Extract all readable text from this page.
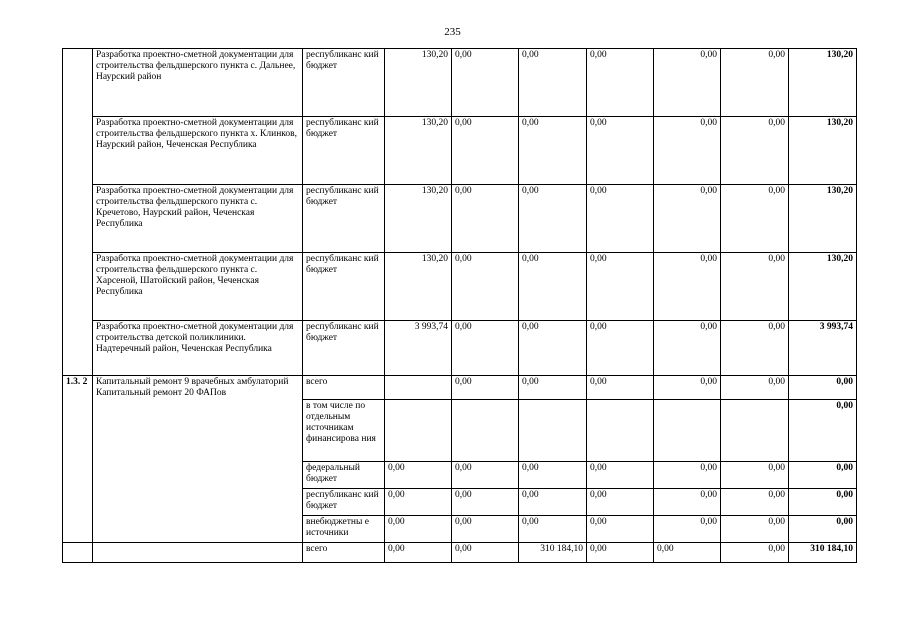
235
	Разработка проектно-сметной документации для строительства фельдшерского пункта с. Дальнее, Наурский район	республиканс кий бюджет	130,20	0,00	0,00	0,00	0,00	0,00	130,20
	Разработка проектно-сметной документации для строительства фельдшерского пункта х. Клинков, Наурский район, Чеченская Республика	республиканс кий бюджет	130,20	0,00	0,00	0,00	0,00	0,00	130,20
	Разработка проектно-сметной документации для строительства фельдшерского пункта с. Кречетово, Наурский район, Чеченская Республика	республиканс кий бюджет	130,20	0,00	0,00	0,00	0,00	0,00	130,20
	Разработка проектно-сметной документации для строительства фельдшерского пункта с. Харсеной, Шатойский район, Чеченская Республика	республиканс кий бюджет	130,20	0,00	0,00	0,00	0,00	0,00	130,20
	Разработка проектно-сметной документации для строительства детской поликлиники. Надтеречный район, Чеченская Республика	республиканс кий бюджет	3 993,74	0,00	0,00	0,00	0,00	0,00	3 993,74
1.3. 2	Капитальный ремонт 9 врачебных амбулаторий Капитальный ремонт 20 ФАПов	всего		0,00	0,00	0,00	0,00	0,00	0,00
		в том числе по отдельным источникам финансирова ния							0,00
		федеральный бюджет	0,00	0,00	0,00	0,00	0,00	0,00	0,00
		республиканс кий бюджет	0,00	0,00	0,00	0,00	0,00	0,00	0,00
		внебюджетны е источники	0,00	0,00	0,00	0,00	0,00	0,00	0,00
		всего	0,00	0,00	310 184,10	0,00	0,00	0,00	310 184,10
